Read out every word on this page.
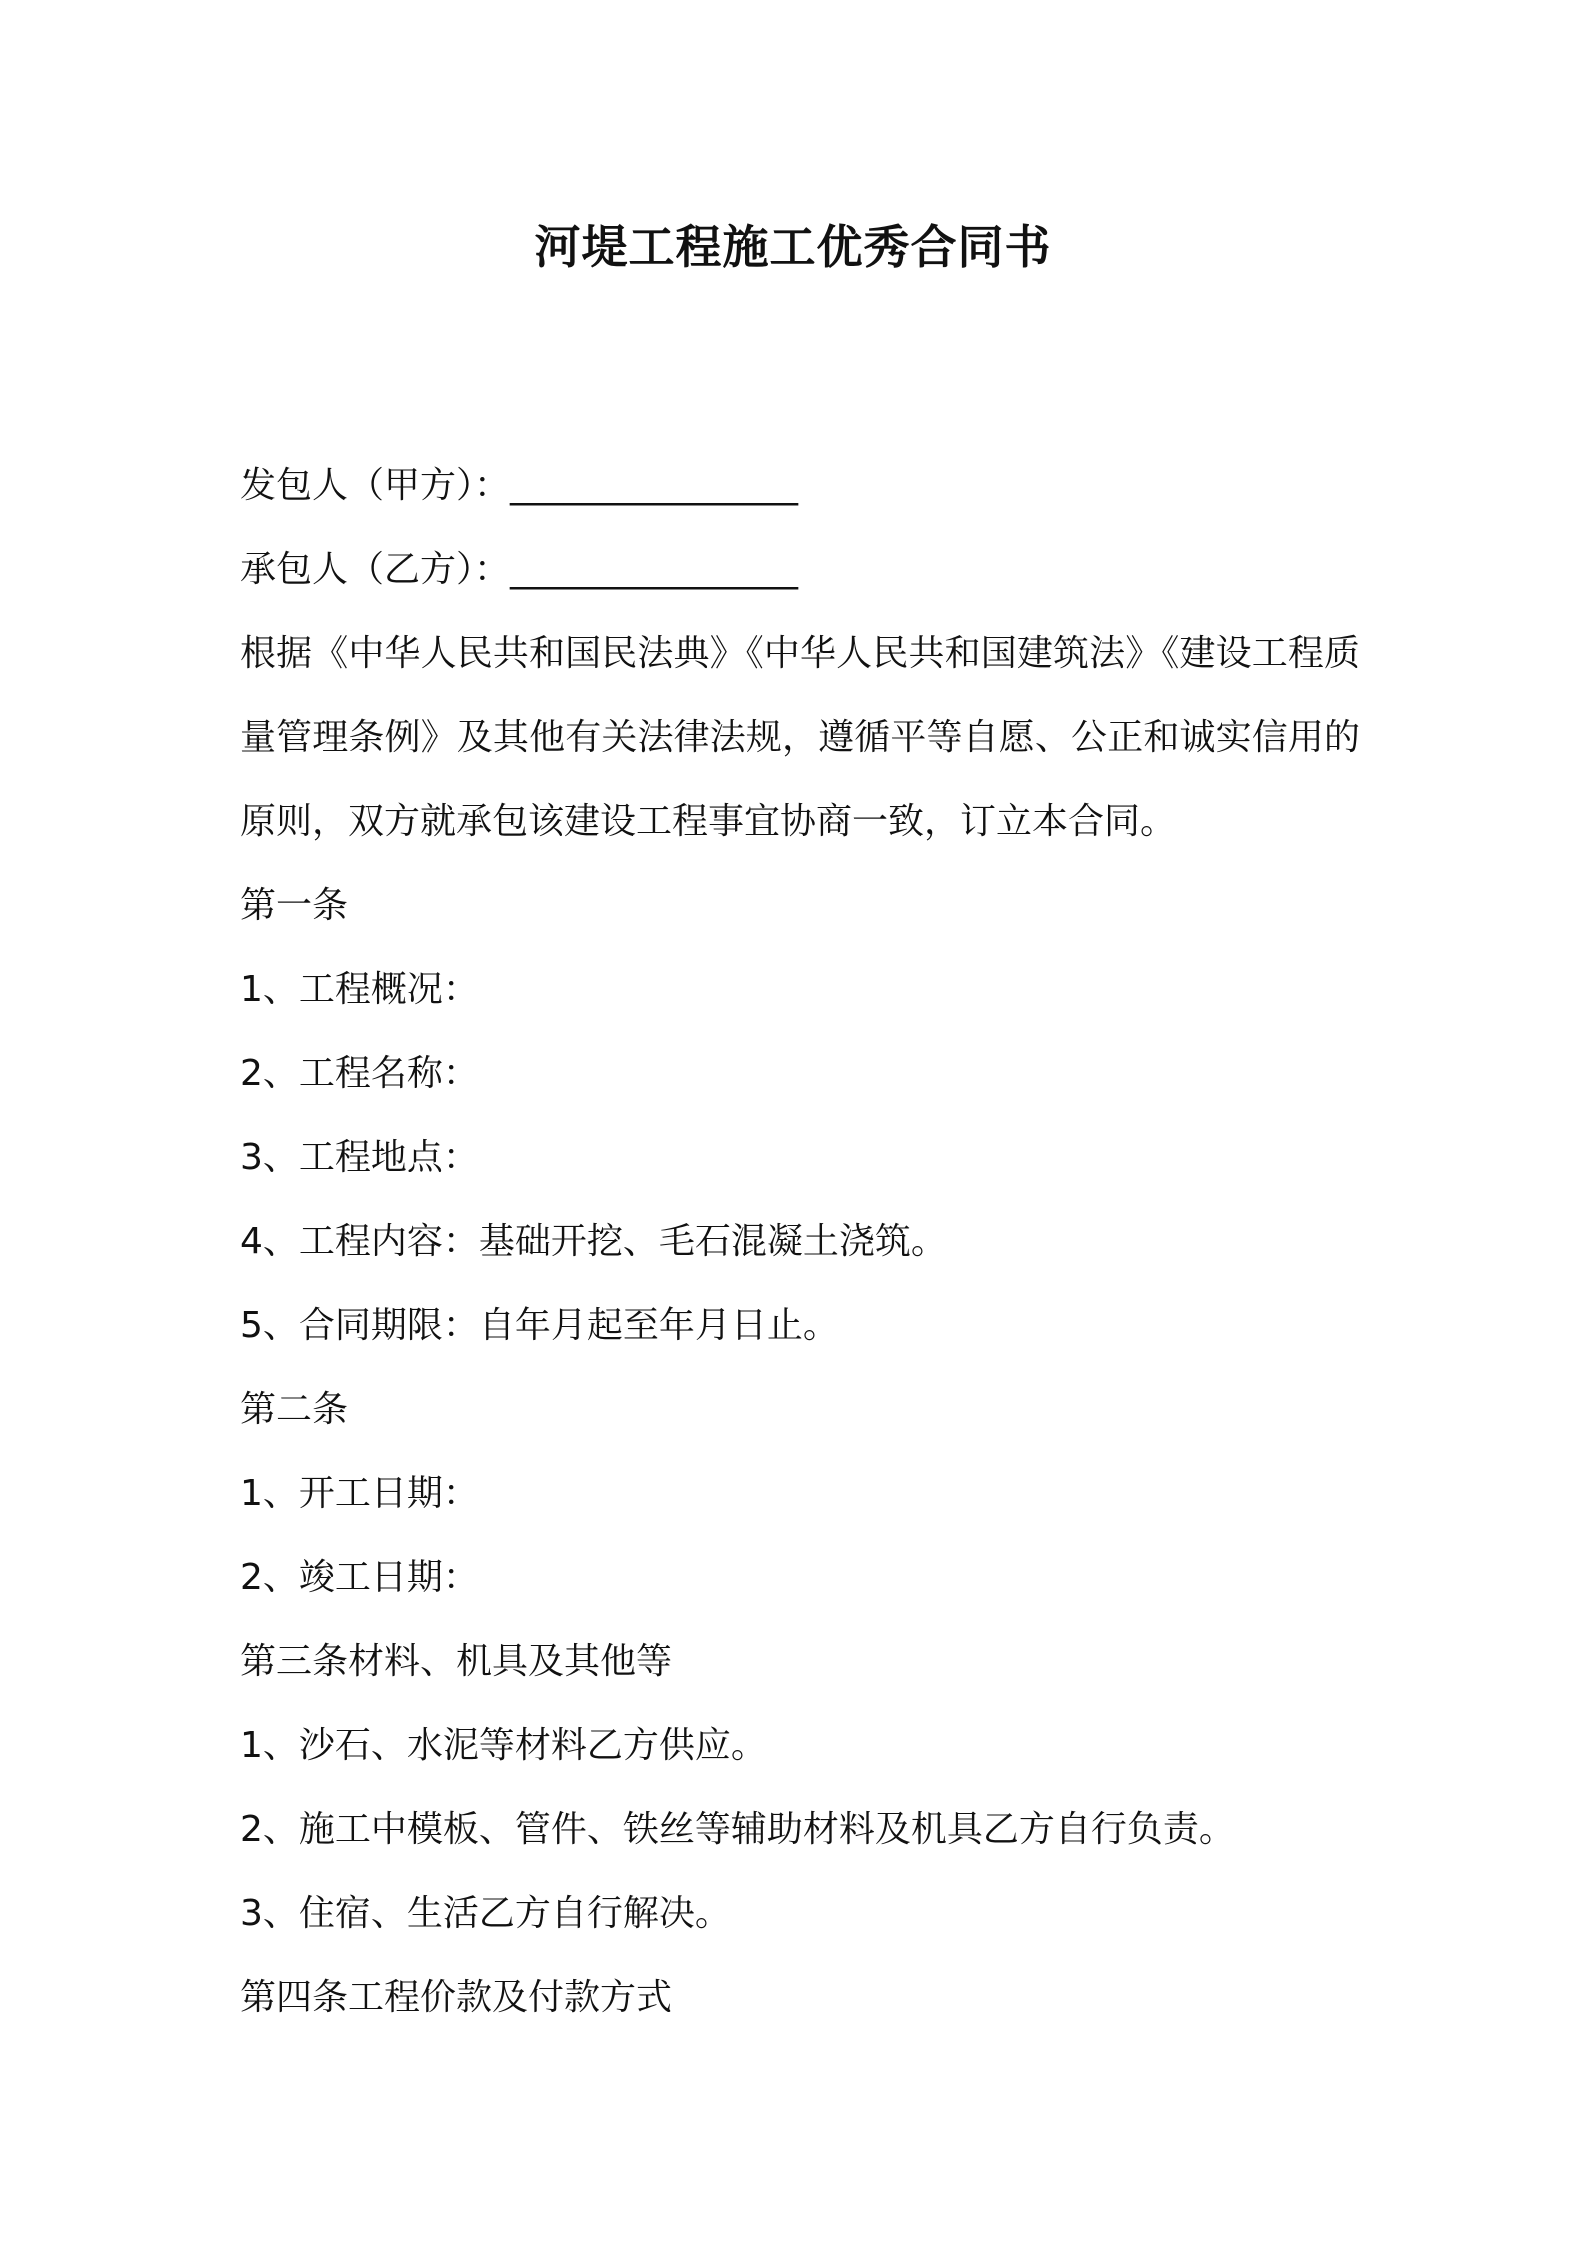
河堤工程施工优秀合同书
发包人（甲方）：________________
承包人（乙方）：________________

根据《中华人民共和国民法典》《中华人民共和国建筑法》《建设工程质量管理条例》及其他有关法律法规，遵循平等自愿、公正和诚实信用的原则，双方就承包该建设工程事宜协商一致，订立本合同。

第一条
1、工程概况：
2、工程名称：
3、工程地点：
4、工程内容：基础开挖、毛石混凝土浇筑。
5、合同期限：自年月起至年月日止。
第二条
1、开工日期：
2、竣工日期：
第三条材料、机具及其他等
1、沙石、水泥等材料乙方供应。
2、施工中模板、管件、铁丝等辅助材料及机具乙方自行负责。
3、住宿、生活乙方自行解决。
第四条工程价款及付款方式
